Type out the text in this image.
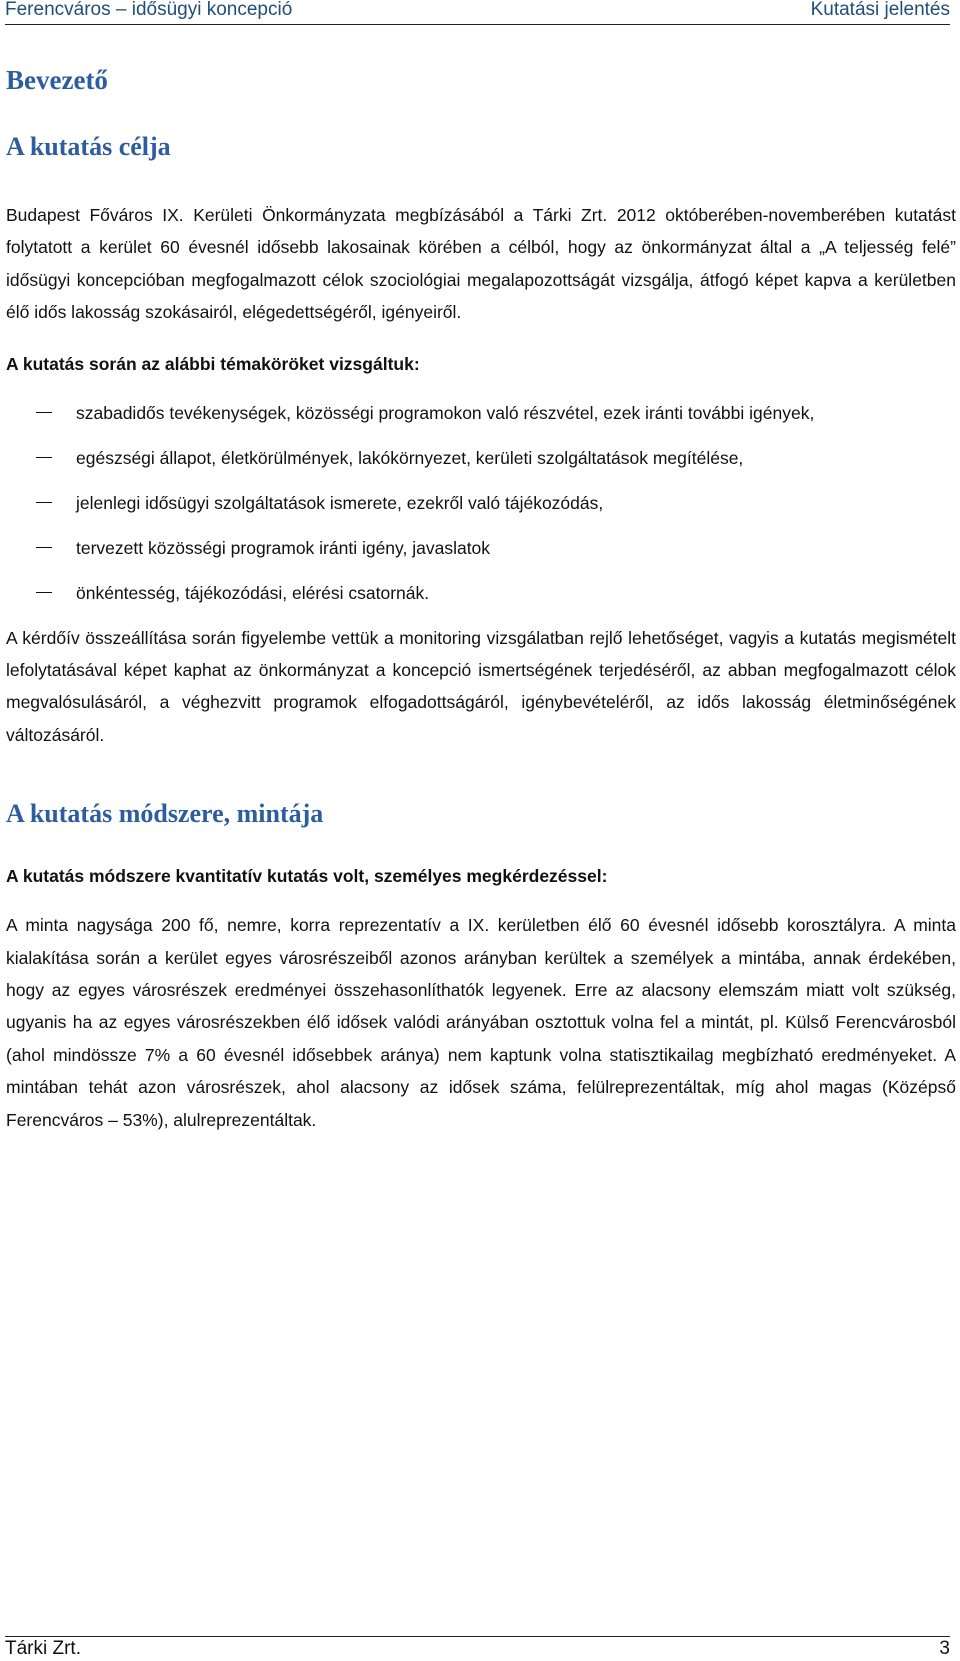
Ferencváros – idősügyi koncepció	Kutatási jelentés
Bevezető
A kutatás célja

Budapest Főváros IX. Kerületi Önkormányzata megbízásából a Tárki Zrt. 2012 októberében-novemberében kutatást folytatott a kerület 60 évesnél idősebb lakosainak körében a célból, hogy az önkormányzat által a „A teljesség felé” idősügyi koncepcióban megfogalmazott célok szociológiai megalapozottságát vizsgálja, átfogó képet kapva a kerületben élő idős lakosság szokásairól, elégedettségéről, igényeiről.

A kutatás során az alábbi témaköröket vizsgáltuk:

szabadidős tevékenységek, közösségi programokon való részvétel, ezek iránti további igények,
egészségi állapot, életkörülmények, lakókörnyezet, kerületi szolgáltatások megítélése,
jelenlegi idősügyi szolgáltatások ismerete, ezekről való tájékozódás,
tervezett közösségi programok iránti igény, javaslatok
önkéntesség, tájékozódási, elérési csatornák.

A kérdőív összeállítása során figyelembe vettük a monitoring vizsgálatban rejlő lehetőséget, vagyis a kutatás megismételt lefolytatásával képet kaphat az önkormányzat a koncepció ismertségének terjedéséről, az abban megfogalmazott célok megvalósulásáról, a véghezvitt programok elfogadottságáról, igénybevételéről, az idős lakosság életminőségének változásáról.

A kutatás módszere, mintája

A kutatás módszere kvantitatív kutatás volt, személyes megkérdezéssel:

A minta nagysága 200 fő, nemre, korra reprezentatív a IX. kerületben élő 60 évesnél idősebb korosztályra. A minta kialakítása során a kerület egyes városrészeiből azonos arányban kerültek a személyek a mintába, annak érdekében, hogy az egyes városrészek eredményei összehasonlíthatók legyenek. Erre az alacsony elemszám miatt volt szükség, ugyanis ha az egyes városrészekben élő idősek valódi arányában osztottuk volna fel a mintát, pl. Külső Ferencvárosból (ahol mindössze 7% a 60 évesnél idősebbek aránya) nem kaptunk volna statisztikailag megbízható eredményeket. A mintában tehát azon városrészek, ahol alacsony az idősek száma, felülreprezentáltak, míg ahol magas (Középső Ferencváros – 53%), alulreprezentáltak.

Tárki Zrt.	3
